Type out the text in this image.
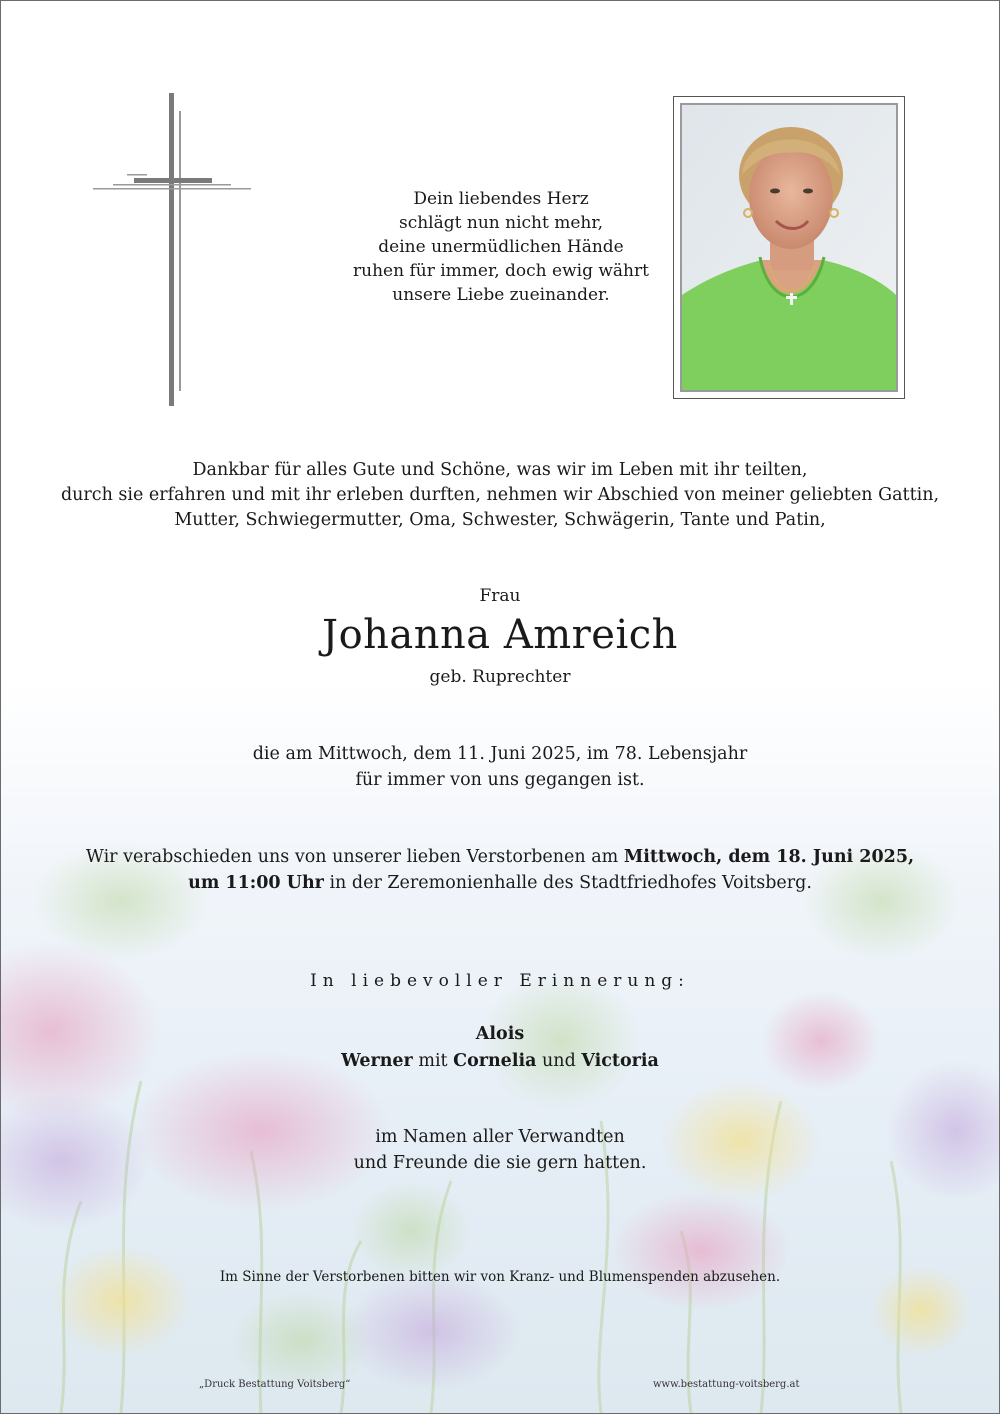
Dein liebendes Herz
schlägt nun nicht mehr,
deine unermüdlichen Hände
ruhen für immer, doch ewig währt
unsere Liebe zueinander.
Dankbar für alles Gute und Schöne, was wir im Leben mit ihr teilten,
durch sie erfahren und mit ihr erleben durften, nehmen wir Abschied von meiner geliebten Gattin,
Mutter, Schwiegermutter, Oma, Schwester, Schwägerin, Tante und Patin,
Frau
Johanna Amreich
geb. Ruprechter
die am Mittwoch, dem 11. Juni 2025, im 78. Lebensjahr
für immer von uns gegangen ist.
Wir verabschieden uns von unserer lieben Verstorbenen am Mittwoch, dem 18. Juni 2025,
um 11:00 Uhr in der Zeremonienhalle des Stadtfriedhofes Voitsberg.
In liebevoller Erinnerung:
Alois
Werner mit Cornelia und Victoria
im Namen aller Verwandten
und Freunde die sie gern hatten.
Im Sinne der Verstorbenen bitten wir von Kranz- und Blumenspenden abzusehen.
„Druck Bestattung Voitsberg“	www.bestattung-voitsberg.at
